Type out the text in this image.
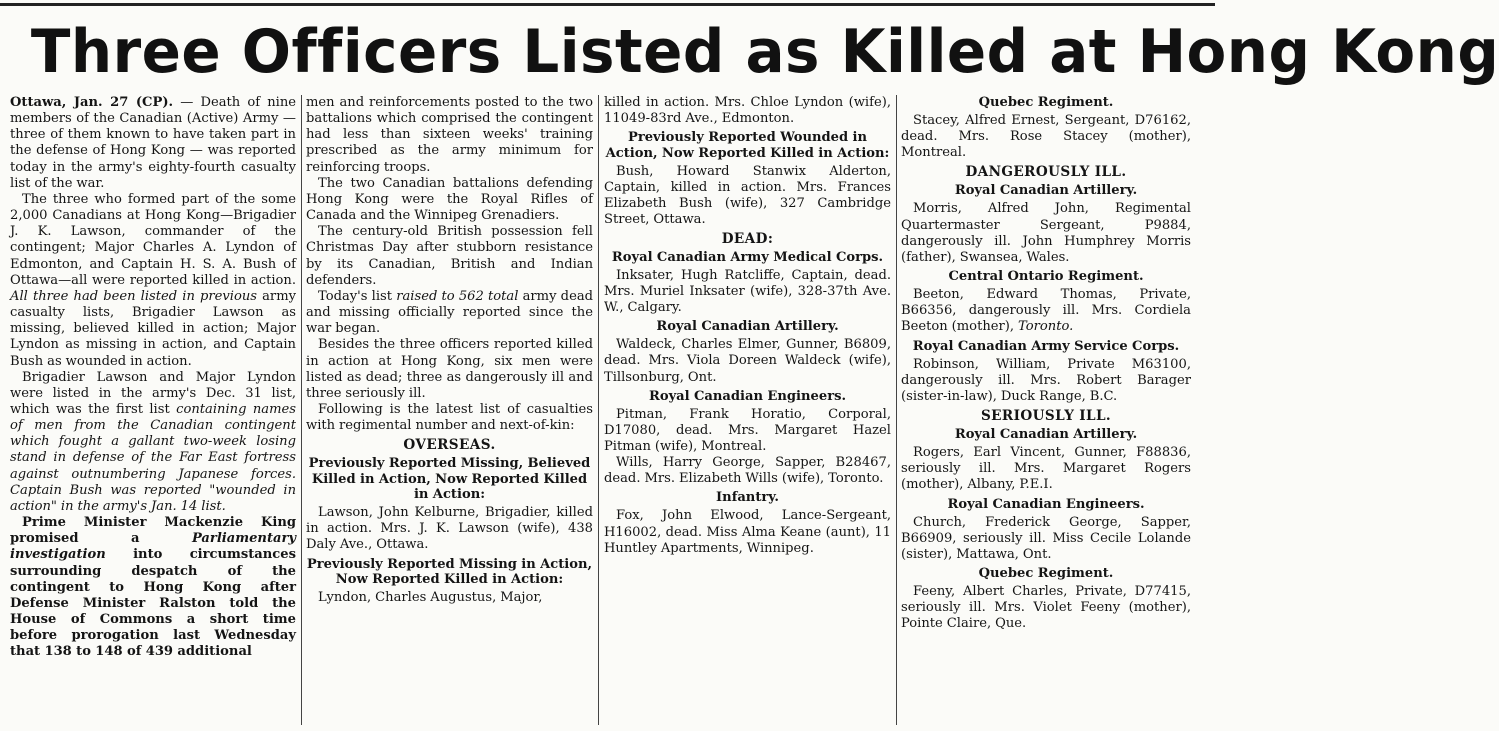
Three Officers Listed as Killed at Hong Kong

Ottawa, Jan. 27 (CP). — Death of nine members of the Canadian (Active) Army — three of them known to have taken part in the defense of Hong Kong — was reported today in the army's eighty-fourth casualty list of the war.

The three who formed part of the some 2,000 Canadians at Hong Kong—Brigadier J. K. Lawson, commander of the contingent; Major Charles A. Lyndon of Edmonton, and Captain H. S. A. Bush of Ottawa—all were reported killed in action. All three had been listed in previous army casualty lists, Brigadier Lawson as missing, believed killed in action; Major Lyndon as missing in action, and Captain Bush as wounded in action.

Brigadier Lawson and Major Lyndon were listed in the army's Dec. 31 list, which was the first list containing names of men from the Canadian contingent which fought a gallant two-week losing stand in defense of the Far East fortress against outnumbering Japanese forces. Captain Bush was reported "wounded in action" in the army's Jan. 14 list.

Prime Minister Mackenzie King promised a Parliamentary investigation into circumstances surrounding despatch of the contingent to Hong Kong after Defense Minister Ralston told the House of Commons a short time before prorogation last Wednesday that 138 to 148 of 439 additional

men and reinforcements posted to the two battalions which comprised the contingent had less than sixteen weeks' training prescribed as the army minimum for reinforcing troops.

The two Canadian battalions defending Hong Kong were the Royal Rifles of Canada and the Winnipeg Grenadiers.

The century-old British possession fell Christmas Day after stubborn resistance by its Canadian, British and Indian defenders.

Today's list raised to 562 total army dead and missing officially reported since the war began.

Besides the three officers reported killed in action at Hong Kong, six men were listed as dead; three as dangerously ill and three seriously ill.

Following is the latest list of casualties with regimental number and next-of-kin:

OVERSEAS.
Previously Reported Missing, Believed Killed in Action, Now Reported Killed in Action:

Lawson, John Kelburne, Brigadier, killed in action. Mrs. J. K. Lawson (wife), 438 Daly Ave., Ottawa.

Previously Reported Missing in Action, Now Reported Killed in Action:

Lyndon, Charles Augustus, Major,

killed in action. Mrs. Chloe Lyndon (wife), 11049-83rd Ave., Edmonton.

Previously Reported Wounded in Action, Now Reported Killed in Action:

Bush, Howard Stanwix Alderton, Captain, killed in action. Mrs. Frances Elizabeth Bush (wife), 327 Cambridge Street, Ottawa.

DEAD:
Royal Canadian Army Medical Corps.

Inksater, Hugh Ratcliffe, Captain, dead. Mrs. Muriel Inksater (wife), 328-37th Ave. W., Calgary.

Royal Canadian Artillery.

Waldeck, Charles Elmer, Gunner, B6809, dead. Mrs. Viola Doreen Waldeck (wife), Tillsonburg, Ont.

Royal Canadian Engineers.

Pitman, Frank Horatio, Corporal, D17080, dead. Mrs. Margaret Hazel Pitman (wife), Montreal.

Wills, Harry George, Sapper, B28467, dead. Mrs. Elizabeth Wills (wife), Toronto.

Infantry.

Fox, John Elwood, Lance-Sergeant, H16002, dead. Miss Alma Keane (aunt), 11 Huntley Apartments, Winnipeg.

Quebec Regiment.

Stacey, Alfred Ernest, Sergeant, D76162, dead. Mrs. Rose Stacey (mother), Montreal.

DANGEROUSLY ILL.
Royal Canadian Artillery.

Morris, Alfred John, Regimental Quartermaster Sergeant, P9884, dangerously ill. John Humphrey Morris (father), Swansea, Wales.

Central Ontario Regiment.

Beeton, Edward Thomas, Private, B66356, dangerously ill. Mrs. Cordiela Beeton (mother), Toronto.

Royal Canadian Army Service Corps.

Robinson, William, Private M63100, dangerously ill. Mrs. Robert Barager (sister-in-law), Duck Range, B.C.

SERIOUSLY ILL.
Royal Canadian Artillery.

Rogers, Earl Vincent, Gunner, F88836, seriously ill. Mrs. Margaret Rogers (mother), Albany, P.E.I.

Royal Canadian Engineers.

Church, Frederick George, Sapper, B66909, seriously ill. Miss Cecile Lolande (sister), Mattawa, Ont.

Quebec Regiment.

Feeny, Albert Charles, Private, D77415, seriously ill. Mrs. Violet Feeny (mother), Pointe Claire, Que.
